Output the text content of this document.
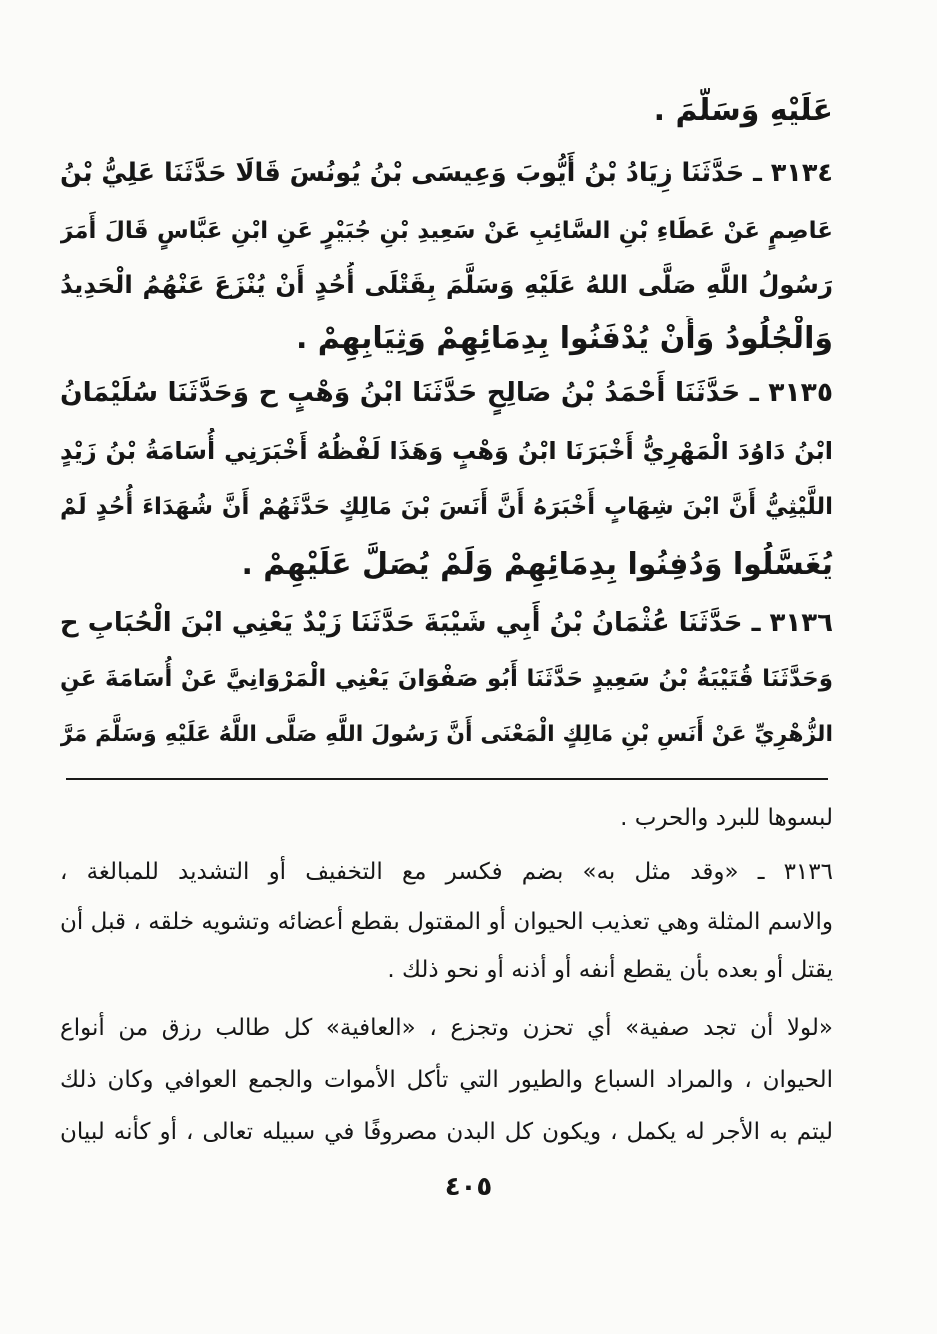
عَلَيْهِ وَسَلَّمَ .
٣١٣٤ ـ حَدَّثَنَا زِيَادُ بْنُ أَيُّوبَ وَعِيسَى بْنُ يُونُسَ قَالَا حَدَّثَنَا عَلِيُّ بْنُ
عَاصِمٍ عَنْ عَطَاءِ بْنِ السَّائِبِ عَنْ سَعِيدِ بْنِ جُبَيْرٍ عَنِ ابْنِ عَبَّاسٍ قَالَ أَمَرَ
رَسُولُ اللَّهِ صَلَّى اللهُ عَلَيْهِ وَسَلَّمَ بِقَتْلَى أُحُدٍ أَنْ يُنْزَعَ عَنْهُمُ الْحَدِيدُ
وَالْجُلُودُ وَأَنْ يُدْفَنُوا بِدِمَائِهِمْ وَثِيَابِهِمْ .
٣١٣٥ ـ حَدَّثَنَا أَحْمَدُ بْنُ صَالِحٍ حَدَّثَنَا ابْنُ وَهْبٍ ح وَحَدَّثَنَا سُلَيْمَانُ
ابْنُ دَاوُدَ الْمَهْرِيُّ أَخْبَرَنَا ابْنُ وَهْبٍ وَهَذَا لَفْظُهُ أَخْبَرَنِي أُسَامَةُ بْنُ زَيْدٍ
اللَّيْثِيُّ أَنَّ ابْنَ شِهَابٍ أَخْبَرَهُ أَنَّ أَنَسَ بْنَ مَالِكٍ حَدَّثَهُمْ أَنَّ شُهَدَاءَ أُحُدٍ لَمْ
يُغَسَّلُوا وَدُفِنُوا بِدِمَائِهِمْ وَلَمْ يُصَلَّ عَلَيْهِمْ .
٣١٣٦ ـ حَدَّثَنَا عُثْمَانُ بْنُ أَبِي شَيْبَةَ حَدَّثَنَا زَيْدٌ يَعْنِي ابْنَ الْحُبَابِ ح
وَحَدَّثَنَا قُتَيْبَةُ بْنُ سَعِيدٍ حَدَّثَنَا أَبُو صَفْوَانَ يَعْنِي الْمَرْوَانِيَّ عَنْ أُسَامَةَ عَنِ
الزُّهْرِيِّ عَنْ أَنَسِ بْنِ مَالِكٍ الْمَعْنَى أَنَّ رَسُولَ اللَّهِ صَلَّى اللَّهُ عَلَيْهِ وَسَلَّمَ مَرَّ
لبسوها للبرد والحرب .
٣١٣٦ ـ «وقد مثل به» بضم فكسر مع التخفيف أو التشديد للمبالغة ،
والاسم المثلة وهي تعذيب الحيوان أو المقتول بقطع أعضائه وتشويه خلقه ، قبل أن
يقتل أو بعده بأن يقطع أنفه أو أذنه أو نحو ذلك .
«لولا أن تجد صفية» أي تحزن وتجزع ، «العافية» كل طالب رزق من أنواع
الحيوان ، والمراد السباع والطيور التي تأكل الأموات والجمع العوافي وكان ذلك
ليتم به الأجر له يكمل ، ويكون كل البدن مصروفًا في سبيله تعالى ، أو كأنه لبيان
٤٠٥
